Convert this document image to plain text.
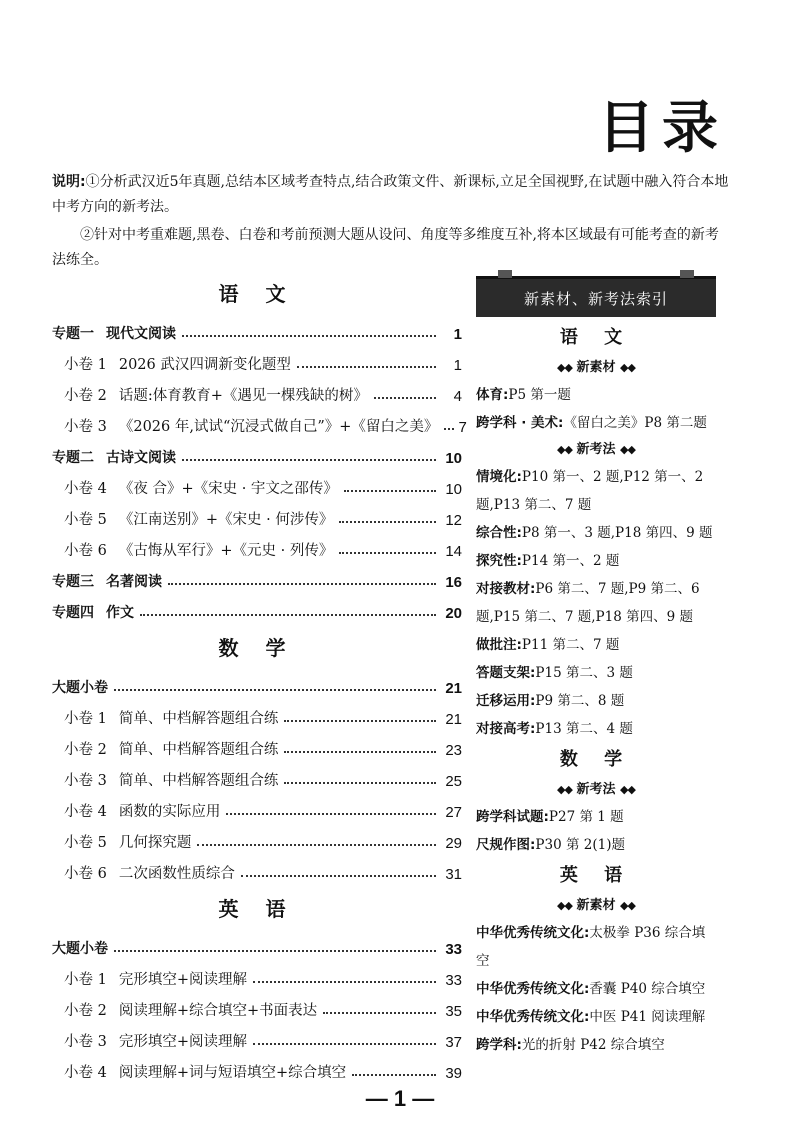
目录

说明:①分析武汉近5年真题,总结本区域考查特点,结合政策文件、新课标,立足全国视野,在试题中融入符合本地中考方向的新考法。

②针对中考重难题,黑卷、白卷和考前预测大题从设问、角度等多维度互补,将本区域最有可能考查的新考法练全。

语 文
专题一 现代文阅读	1
小卷 1 2026 武汉四调新变化题型	1
小卷 2 话题:体育教育+《遇见一棵残缺的树》	4
小卷 3 《2026 年,试试“沉浸式做自己”》+《留白之美》 7
专题二 古诗文阅读	10
小卷 4 《夜 合》+《宋史 · 宇文之邵传》	10
小卷 5 《江南送别》+《宋史 · 何涉传》	12
小卷 6 《古悔从军行》+《元史 · 列传》	14
专题三 名著阅读	16
专题四 作文	20
数 学
大题小卷	21
小卷 1 简单、中档解答题组合练	21
小卷 2 简单、中档解答题组合练	23
小卷 3 简单、中档解答题组合练	25
小卷 4 函数的实际应用	27
小卷 5 几何探究题	29
小卷 6 二次函数性质综合	31
英 语
大题小卷	33
小卷 1 完形填空+阅读理解	33
小卷 2 阅读理解+综合填空+书面表达	35
小卷 3 完形填空+阅读理解	37
小卷 4 阅读理解+词与短语填空+综合填空	39
新素材、新考法索引
语 文
◆◆ 新素材 ◆◆
体育:P5 第一题
跨学科 · 美术:《留白之美》P8 第二题
◆◆ 新考法 ◆◆
情境化:P10 第一、2 题,P12 第一、2 题,P13 第二、7 题
综合性:P8 第一、3 题,P18 第四、9 题
探究性:P14 第一、2 题
对接教材:P6 第二、7 题,P9 第二、6 题,P15 第二、7 题,P18 第四、9 题
做批注:P11 第二、7 题
答题支架:P15 第二、3 题
迁移运用:P9 第二、8 题
对接高考:P13 第二、4 题
数 学
◆◆ 新考法 ◆◆
跨学科试题:P27 第 1 题
尺规作图:P30 第 2(1)题
英 语
◆◆ 新素材 ◆◆
中华优秀传统文化:太极拳 P36 综合填空
中华优秀传统文化:香囊 P40 综合填空
中华优秀传统文化:中医 P41 阅读理解
跨学科:光的折射 P42 综合填空
— 1 —
